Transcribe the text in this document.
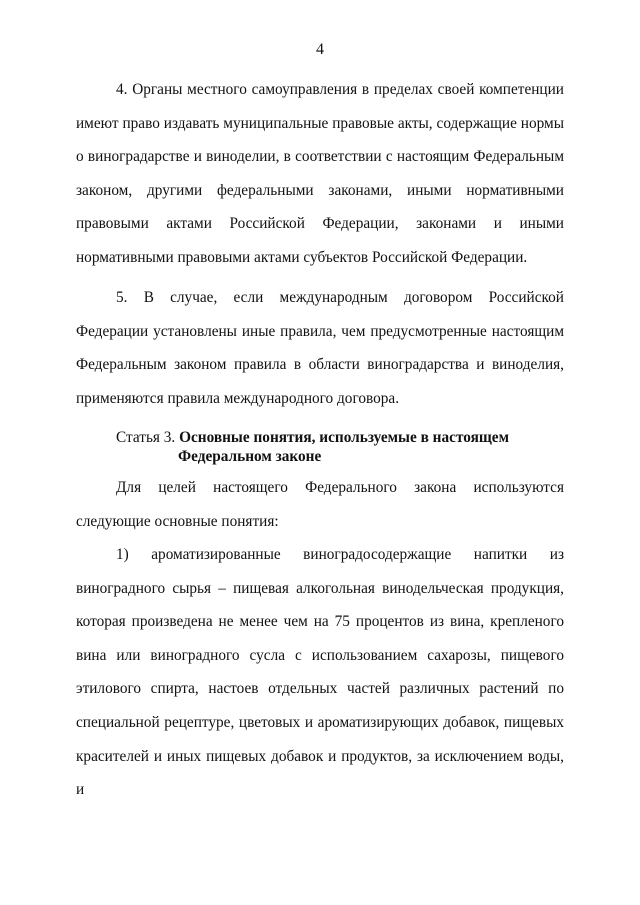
4

4. Органы местного самоуправления в пределах своей компетенции имеют право издавать муниципальные правовые акты, содержащие нормы о виноградарстве и виноделии, в соответствии с настоящим Федеральным законом, другими федеральными законами, иными нормативными правовыми актами Российской Федерации, законами и иными нормативными правовыми актами субъектов Российской Федерации.

5. В случае, если международным договором Российской Федерации установлены иные правила, чем предусмотренные настоящим Федеральным законом правила в области виноградарства и виноделия, применяются правила международного договора.

Статья 3. Основные понятия, используемые в настоящем
Федеральном законе

Для целей настоящего Федерального закона используются следующие основные понятия:

1) ароматизированные виноградосодержащие напитки из виноградного сырья – пищевая алкогольная винодельческая продукция, которая произведена не менее чем на 75 процентов из вина, крепленого вина или виноградного сусла с использованием сахарозы, пищевого этилового спирта, настоев отдельных частей различных растений по специальной рецептуре, цветовых и ароматизирующих добавок, пищевых красителей и иных пищевых добавок и продуктов, за исключением воды, и
